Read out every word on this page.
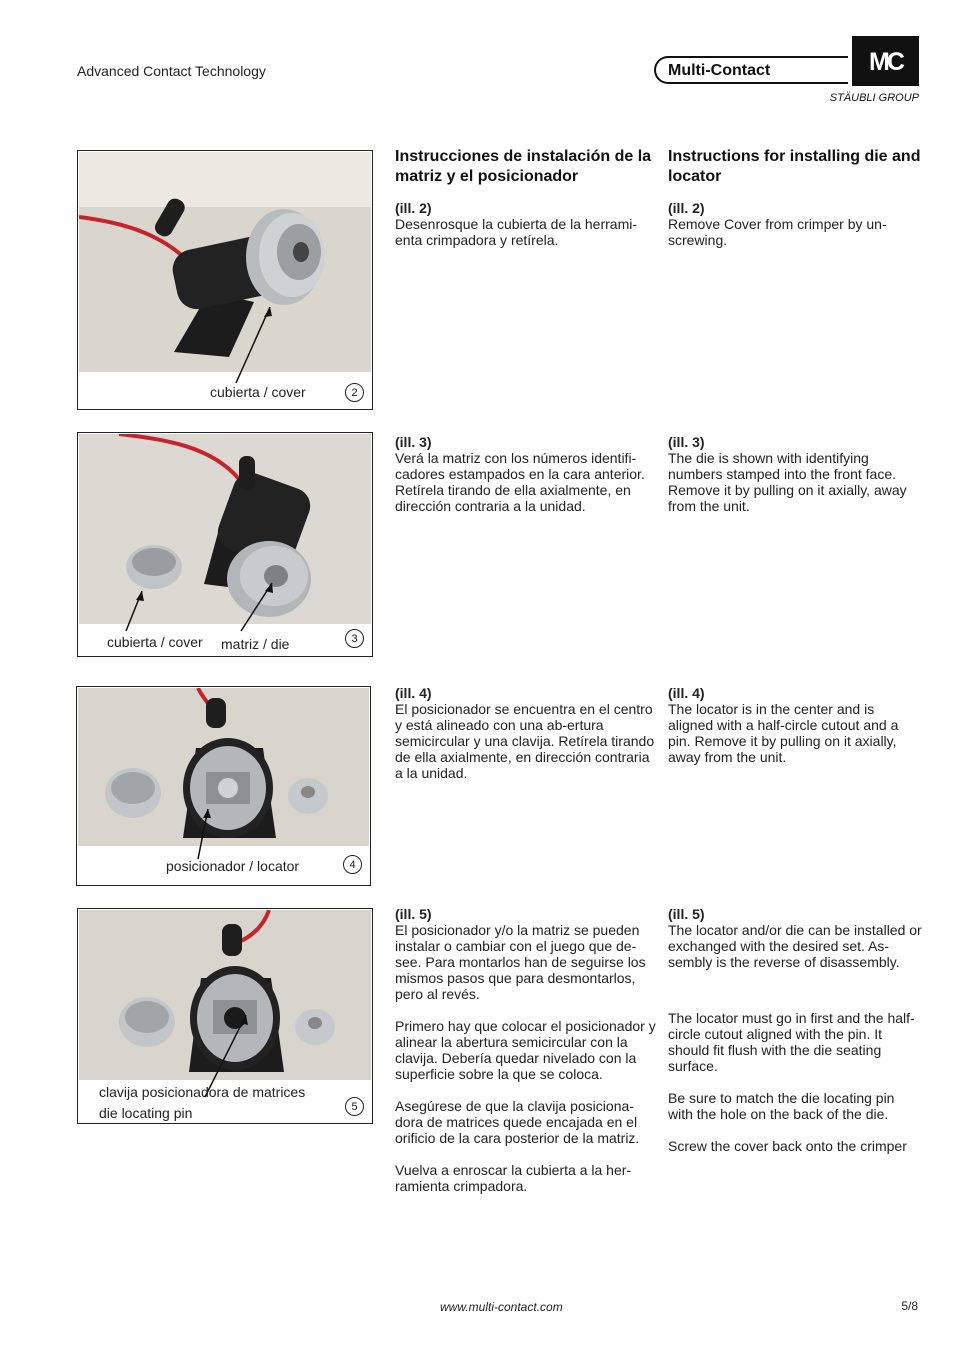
Advanced Contact Technology	Multi-Contact	MC
STÄUBLI GROUP
cubierta / cover	2
cubierta / cover matriz / die	3
posicionador / locator	4
clavija posicionadora de matrices
die locating pin	5
Instrucciones de instalación de la matriz y el posicionador
(ill. 2)

Desenrosque la cubierta de la herrami-enta crimpadora y retírela.

(ill. 3)

Verá la matriz con los números identifi-cadores estampados en la cara anterior. Retírela tirando de ella axialmente, en dirección contraria a la unidad.

(ill. 4)

El posicionador se encuentra en el centro y está alineado con una ab-ertura semicircular y una clavija. Retírela tirando de ella axialmente, en dirección contraria a la unidad.

(ill. 5)

El posicionador y/o la matriz se pueden instalar o cambiar con el juego que de-see. Para montarlos han de seguirse los mismos pasos que para desmontarlos, pero al revés.

Primero hay que colocar el posicionador y alinear la abertura semicircular con la clavija. Debería quedar nivelado con la superficie sobre la que se coloca.

Asegúrese de que la clavija posiciona-dora de matrices quede encajada en el orificio de la cara posterior de la matriz.

Vuelva a enroscar la cubierta a la her-ramienta crimpadora.

Instructions for installing die and locator
(ill. 2)

Remove Cover from crimper by un-screwing.

(ill. 3)

The die is shown with identifying numbers stamped into the front face. Remove it by pulling on it axially, away from the unit.

(ill. 4)

The locator is in the center and is aligned with a half-circle cutout and a pin. Remove it by pulling on it axially, away from the unit.

(ill. 5)

The locator and/or die can be installed or exchanged with the desired set. As-sembly is the reverse of disassembly.

The locator must go in first and the half-circle cutout aligned with the pin. It should fit flush with the die seating surface.

Be sure to match the die locating pin with the hole on the back of the die.

Screw the cover back onto the crimper

www.multi-contact.com	5/8
